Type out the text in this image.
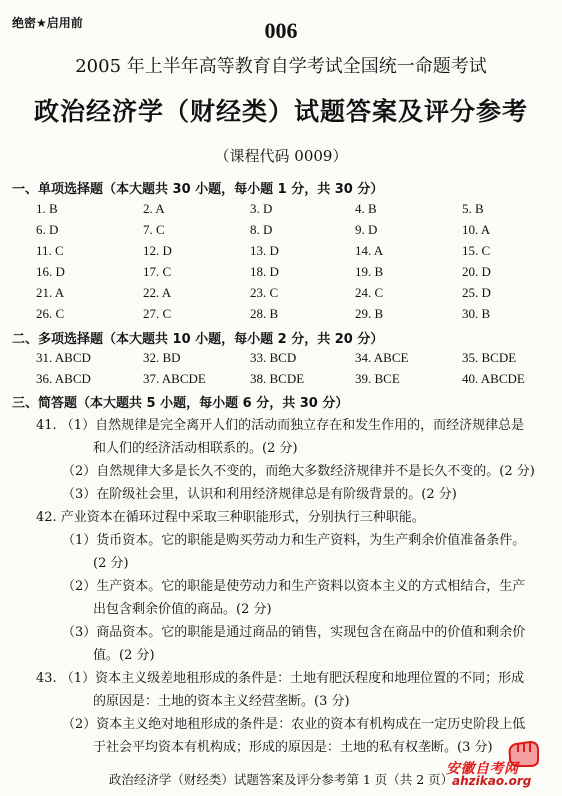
绝密★启用前	006
2005 年上半年高等教育自学考试全国统一命题考试
政治经济学（财经类）试题答案及评分参考
（课程代码 0009）
一、单项选择题（本大题共 30 小题，每小题 1 分，共 30 分）
1. B	2. A	3. D	4. B	5. B
6. D	7. C	8. D	9. D	10. A
11. C	12. D	13. D	14. A	15. C
16. D	17. C	18. D	19. B	20. D
21. A	22. A	23. C	24. C	25. D
26. C	27. C	28. B	29. B	30. B
二、多项选择题（本大题共 10 小题，每小题 2 分，共 20 分）
31. ABCD	32. BD	33. BCD	34. ABCE	35. BCDE
36. ABCD	37. ABCDE	38. BCDE	39. BCE	40. ABCDE
三、简答题（本大题共 5 小题，每小题 6 分，共 30 分）
41. （1）自然规律是完全离开人们的活动而独立存在和发生作用的，而经济规律总是
和人们的经济活动相联系的。(2 分)
（2）自然规律大多是长久不变的，而绝大多数经济规律并不是长久不变的。(2 分)
（3）在阶级社会里，认识和利用经济规律总是有阶级背景的。(2 分)
42. 产业资本在循环过程中采取三种职能形式，分别执行三种职能。
（1）货币资本。它的职能是购买劳动力和生产资料，为生产剩余价值准备条件。
(2 分)
（2）生产资本。它的职能是使劳动力和生产资料以资本主义的方式相结合，生产
出包含剩余价值的商品。(2 分)
（3）商品资本。它的职能是通过商品的销售，实现包含在商品中的价值和剩余价
值。(2 分)
43. （1）资本主义级差地租形成的条件是：土地有肥沃程度和地理位置的不同；形成
的原因是：土地的资本主义经营垄断。(3 分)
（2）资本主义绝对地租形成的条件是：农业的资本有机构成在一定历史阶段上低
于社会平均资本有机构成；形成的原因是：土地的私有权垄断。(3 分)
政治经济学（财经类）试题答案及评分参考第 1 页（共 2 页）
安徽自考网
ahzikao.org
